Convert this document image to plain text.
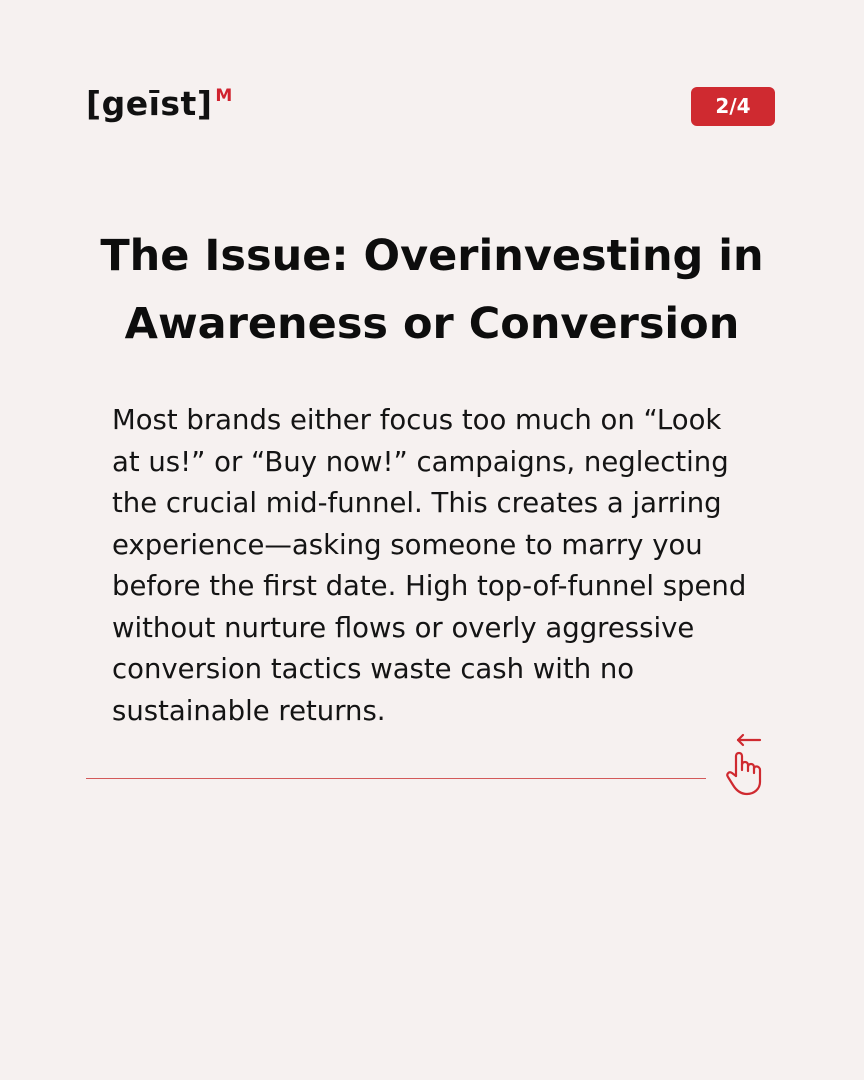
[geīst] M	2/4
The Issue: Overinvesting in Awareness or Conversion

Most brands either focus too much on “Look at us!” or “Buy now!” campaigns, neglecting the crucial mid-funnel. This creates a jarring experience—asking someone to marry you before the first date. High top-of-funnel spend without nurture flows or overly aggressive conversion tactics waste cash with no sustainable returns.
